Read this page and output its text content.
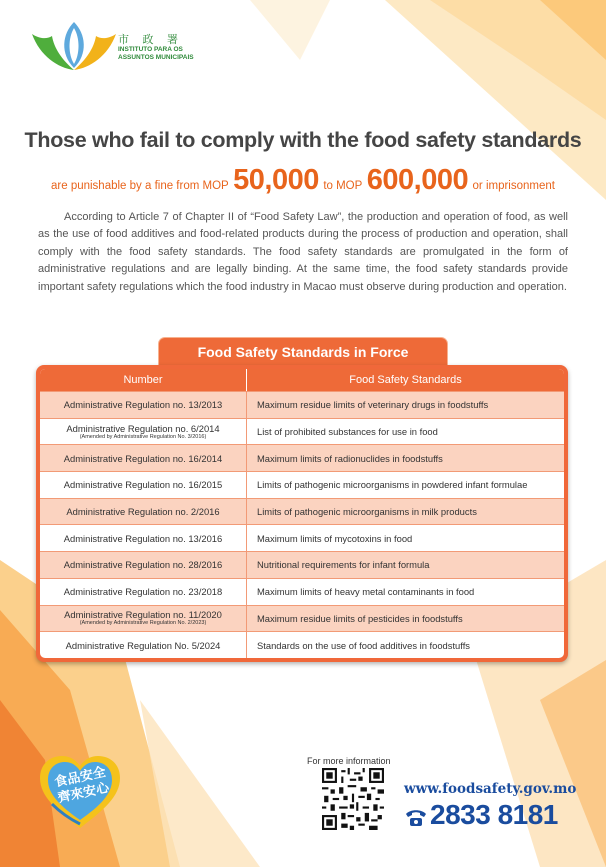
市 政 署
INSTITUTO PARA OS
ASSUNTOS MUNICIPAIS
Those who fail to comply with the food safety standards
are punishable by a fine from MOP 50,000 to MOP 600,000 or imprisonment
According to Article 7 of Chapter II of “Food Safety Law”, the production and operation of food, as well as the use of food additives and food-related products during the process of production and operation, shall comply with the food safety standards. The food safety standards are promulgated in the form of administrative regulations and are legally binding. At the same time, the food safety standards provide important safety regulations which the food industry in Macao must observe during production and operation.
Food Safety Standards in Force
Number	Food Safety Standards
Administrative Regulation no. 13/2013	Maximum residue limits of veterinary drugs in foodstuffs
Administrative Regulation no. 6/2014
(Amended by Administrative Regulation No. 3/2016)	List of prohibited substances for use in food
Administrative Regulation no. 16/2014	Maximum limits of radionuclides in foodstuffs
Administrative Regulation no. 16/2015	Limits of pathogenic microorganisms in powdered infant formulae
Administrative Regulation no. 2/2016	Limits of pathogenic microorganisms in milk products
Administrative Regulation no. 13/2016	Maximum limits of mycotoxins in food
Administrative Regulation no. 28/2016	Nutritional requirements for infant formula
Administrative Regulation no. 23/2018	Maximum limits of heavy metal contaminants in food
Administrative Regulation no. 11/2020
(Amended by Administrative Regulation No. 2/2023)	Maximum residue limits of pesticides in foodstuffs
Administrative Regulation No. 5/2024	Standards on the use of food additives in foodstuffs
食品安全 齊來安心
For more information
www.foodsafety.gov.mo
2833 8181
